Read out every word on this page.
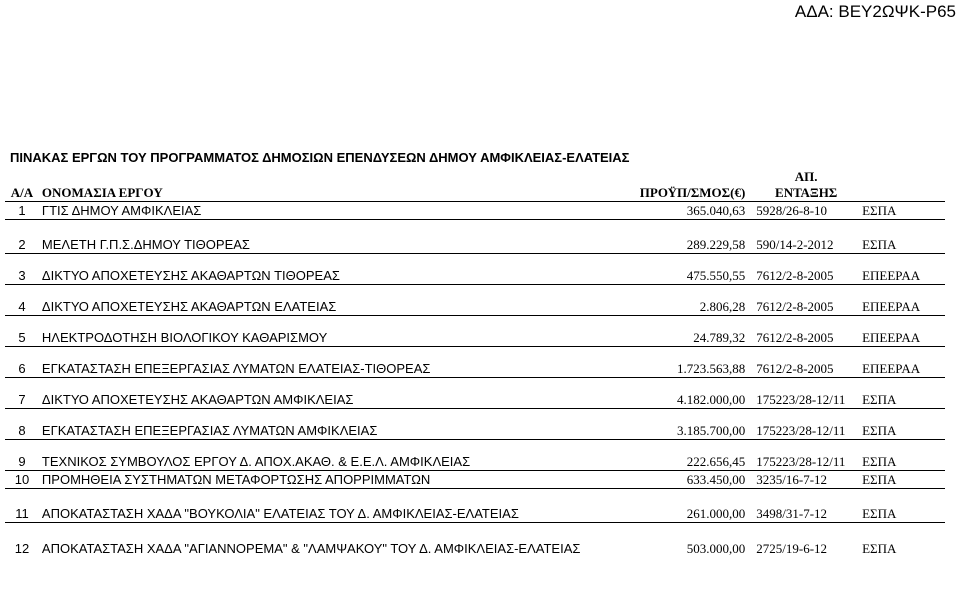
ΑΔΑ: ΒΕΥ2ΩΨΚ-Ρ65
ΠΙΝΑΚΑΣ ΕΡΓΩΝ ΤΟΥ ΠΡΟΓΡΑΜΜΑΤΟΣ ΔΗΜΟΣΙΩΝ ΕΠΕΝΔΥΣΕΩΝ ΔΗΜΟΥ ΑΜΦΙΚΛΕΙΑΣ-ΕΛΑΤΕΙΑΣ
Α/Α	ΟΝΟΜΑΣΙΑ ΕΡΓΟΥ	ΠΡΟΫΠ/ΣΜΟΣ(€)	ΑΠ.
ΕΝΤΑΞΗΣ	

1	ΓΤΙΣ ΔΗΜΟΥ ΑΜΦΙΚΛΕΙΑΣ	365.040,63	5928/26-8-10	ΕΣΠΑ
2	ΜΕΛΕΤΗ Γ.Π.Σ.ΔΗΜΟΥ ΤΙΘΟΡΕΑΣ	289.229,58	590/14-2-2012	ΕΣΠΑ
3	ΔΙΚΤΥΟ ΑΠΟΧΕΤΕΥΣΗΣ ΑΚΑΘΑΡΤΩΝ ΤΙΘΟΡΕΑΣ	475.550,55	7612/2-8-2005	ΕΠΕΕΡΑΑ
4	ΔΙΚΤΥΟ ΑΠΟΧΕΤΕΥΣΗΣ ΑΚΑΘΑΡΤΩΝ ΕΛΑΤΕΙΑΣ	2.806,28	7612/2-8-2005	ΕΠΕΕΡΑΑ
5	ΗΛΕΚΤΡΟΔΟΤΗΣΗ ΒΙΟΛΟΓΙΚΟΥ ΚΑΘΑΡΙΣΜΟΥ	24.789,32	7612/2-8-2005	ΕΠΕΕΡΑΑ
6	ΕΓΚΑΤΑΣΤΑΣΗ ΕΠΕΞΕΡΓΑΣΙΑΣ ΛΥΜΑΤΩΝ ΕΛΑΤΕΙΑΣ-ΤΙΘΟΡΕΑΣ	1.723.563,88	7612/2-8-2005	ΕΠΕΕΡΑΑ
7	ΔΙΚΤΥΟ ΑΠΟΧΕΤΕΥΣΗΣ ΑΚΑΘΑΡΤΩΝ ΑΜΦΙΚΛΕΙΑΣ	4.182.000,00	175223/28-12/11	ΕΣΠΑ
8	ΕΓΚΑΤΑΣΤΑΣΗ ΕΠΕΞΕΡΓΑΣΙΑΣ ΛΥΜΑΤΩΝ ΑΜΦΙΚΛΕΙΑΣ	3.185.700,00	175223/28-12/11	ΕΣΠΑ
9	ΤΕΧΝΙΚΟΣ ΣΥΜΒΟΥΛΟΣ ΕΡΓΟΥ Δ. ΑΠΟΧ.ΑΚΑΘ. & Ε.Ε.Λ. ΑΜΦΙΚΛΕΙΑΣ	222.656,45	175223/28-12/11	ΕΣΠΑ
10	ΠΡΟΜΗΘΕΙΑ ΣΥΣΤΗΜΑΤΩΝ ΜΕΤΑΦΟΡΤΩΣΗΣ ΑΠΟΡΡΙΜΜΑΤΩΝ	633.450,00	3235/16-7-12	ΕΣΠΑ
11	ΑΠΟΚΑΤΑΣΤΑΣΗ ΧΑΔΑ "ΒΟΥΚΟΛΙΑ" ΕΛΑΤΕΙΑΣ ΤΟΥ Δ. ΑΜΦΙΚΛΕΙΑΣ-ΕΛΑΤΕΙΑΣ	261.000,00	3498/31-7-12	ΕΣΠΑ
12	ΑΠΟΚΑΤΑΣΤΑΣΗ ΧΑΔΑ "ΑΓΙΑΝΝΟΡΕΜΑ" & "ΛΑΜΨΑΚΟΥ" ΤΟΥ Δ. ΑΜΦΙΚΛΕΙΑΣ-ΕΛΑΤΕΙΑΣ	503.000,00	2725/19-6-12	ΕΣΠΑ
